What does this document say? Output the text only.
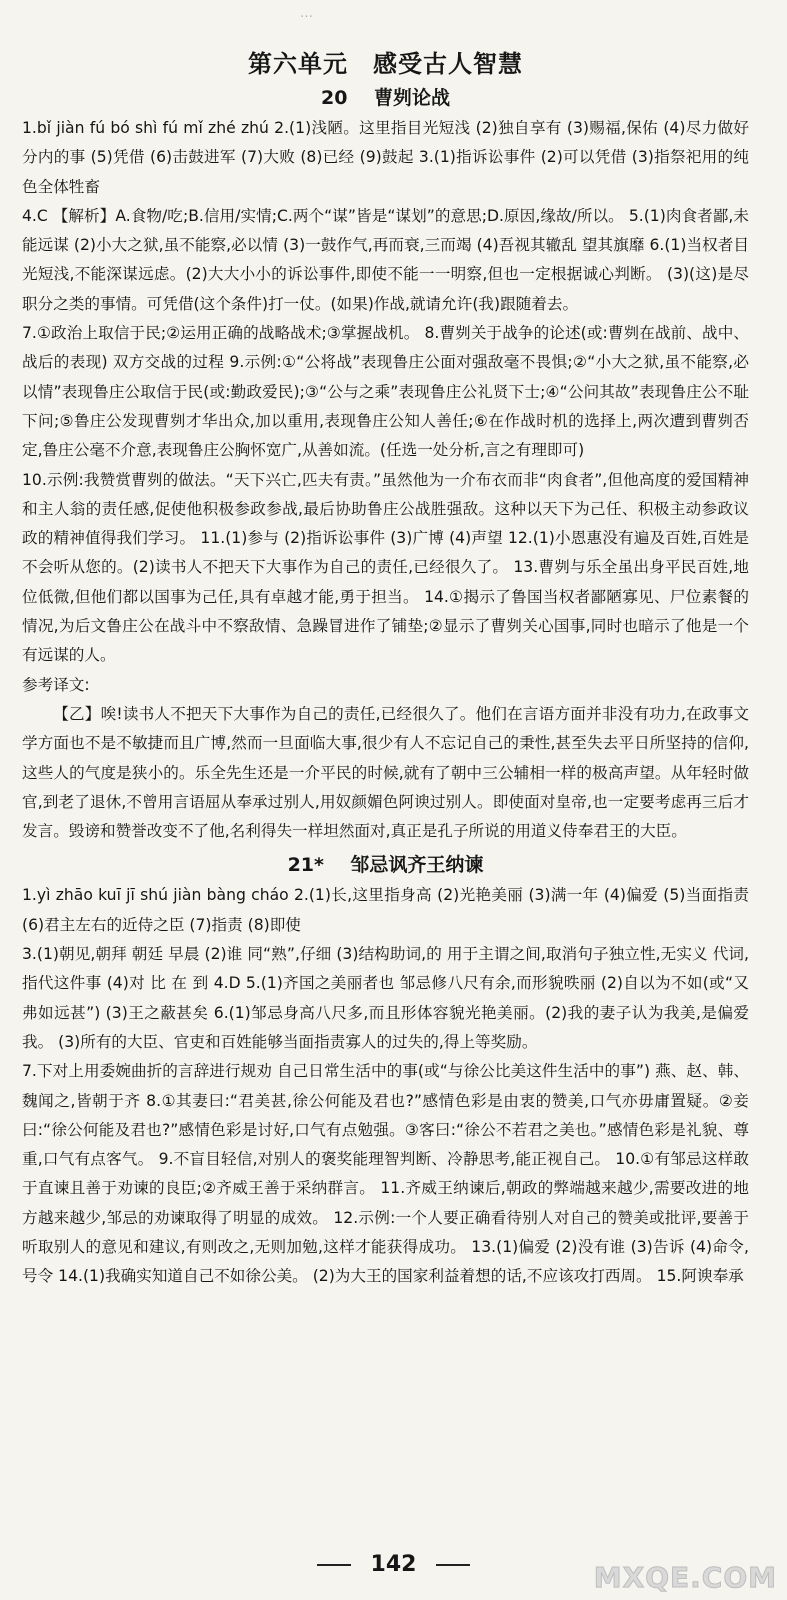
…
第六单元　感受古人智慧
20 曹刿论战

1.bǐ jiàn fú bó shì fú mǐ zhé zhú 2.(1)浅陋。这里指目光短浅 (2)独自享有 (3)赐福,保佑 (4)尽力做好分内的事 (5)凭借 (6)击鼓进军 (7)大败 (8)已经 (9)鼓起 3.(1)指诉讼事件 (2)可以凭借 (3)指祭祀用的纯色全体牲畜

4.C 【解析】A.食物/吃;B.信用/实情;C.两个“谋”皆是“谋划”的意思;D.原因,缘故/所以。 5.(1)肉食者鄙,未能远谋 (2)小大之狱,虽不能察,必以情 (3)一鼓作气,再而衰,三而竭 (4)吾视其辙乱 望其旗靡 6.(1)当权者目光短浅,不能深谋远虑。(2)大大小小的诉讼事件,即使不能一一明察,但也一定根据诚心判断。 (3)(这)是尽职分之类的事情。可凭借(这个条件)打一仗。(如果)作战,就请允许(我)跟随着去。

7.①政治上取信于民;②运用正确的战略战术;③掌握战机。 8.曹刿关于战争的论述(或:曹刿在战前、战中、战后的表现) 双方交战的过程 9.示例:①“公将战”表现鲁庄公面对强敌毫不畏惧;②“小大之狱,虽不能察,必以情”表现鲁庄公取信于民(或:勤政爱民);③“公与之乘”表现鲁庄公礼贤下士;④“公问其故”表现鲁庄公不耻下问;⑤鲁庄公发现曹刿才华出众,加以重用,表现鲁庄公知人善任;⑥在作战时机的选择上,两次遭到曹刿否定,鲁庄公毫不介意,表现鲁庄公胸怀宽广,从善如流。(任选一处分析,言之有理即可)

10.示例:我赞赏曹刿的做法。“天下兴亡,匹夫有责。”虽然他为一介布衣而非“肉食者”,但他高度的爱国精神和主人翁的责任感,促使他积极参政参战,最后协助鲁庄公战胜强敌。这种以天下为己任、积极主动参政议政的精神值得我们学习。 11.(1)参与 (2)指诉讼事件 (3)广博 (4)声望 12.(1)小恩惠没有遍及百姓,百姓是不会听从您的。(2)读书人不把天下大事作为自己的责任,已经很久了。 13.曹刿与乐全虽出身平民百姓,地位低微,但他们都以国事为己任,具有卓越才能,勇于担当。 14.①揭示了鲁国当权者鄙陋寡见、尸位素餐的情况,为后文鲁庄公在战斗中不察敌情、急躁冒进作了铺垫;②显示了曹刿关心国事,同时也暗示了他是一个有远谋的人。

参考译文:

【乙】唉!读书人不把天下大事作为自己的责任,已经很久了。他们在言语方面并非没有功力,在政事文学方面也不是不敏捷而且广博,然而一旦面临大事,很少有人不忘记自己的秉性,甚至失去平日所坚持的信仰,这些人的气度是狭小的。乐全先生还是一介平民的时候,就有了朝中三公辅相一样的极高声望。从年轻时做官,到老了退休,不曾用言语屈从奉承过别人,用奴颜媚色阿谀过别人。即使面对皇帝,也一定要考虑再三后才发言。毁谤和赞誉改变不了他,名利得失一样坦然面对,真正是孔子所说的用道义侍奉君王的大臣。

21* 邹忌讽齐王纳谏

1.yì zhāo kuī jī shú jiàn bàng cháo 2.(1)长,这里指身高 (2)光艳美丽 (3)满一年 (4)偏爱 (5)当面指责 (6)君主左右的近侍之臣 (7)指责 (8)即使

3.(1)朝见,朝拜 朝廷 早晨 (2)谁 同“熟”,仔细 (3)结构助词,的 用于主谓之间,取消句子独立性,无实义 代词,指代这件事 (4)对 比 在 到 4.D 5.(1)齐国之美丽者也 邹忌修八尺有余,而形貌昳丽 (2)自以为不如(或“又弗如远甚”) (3)王之蔽甚矣 6.(1)邹忌身高八尺多,而且形体容貌光艳美丽。(2)我的妻子认为我美,是偏爱我。 (3)所有的大臣、官吏和百姓能够当面指责寡人的过失的,得上等奖励。

7.下对上用委婉曲折的言辞进行规劝 自己日常生活中的事(或“与徐公比美这件生活中的事”) 燕、赵、韩、魏闻之,皆朝于齐 8.①其妻曰:“君美甚,徐公何能及君也?”感情色彩是由衷的赞美,口气亦毋庸置疑。②妾曰:“徐公何能及君也?”感情色彩是讨好,口气有点勉强。③客曰:“徐公不若君之美也。”感情色彩是礼貌、尊重,口气有点客气。 9.不盲目轻信,对别人的褒奖能理智判断、冷静思考,能正视自己。 10.①有邹忌这样敢于直谏且善于劝谏的良臣;②齐威王善于采纳群言。 11.齐威王纳谏后,朝政的弊端越来越少,需要改进的地方越来越少,邹忌的劝谏取得了明显的成效。 12.示例:一个人要正确看待别人对自己的赞美或批评,要善于听取别人的意见和建议,有则改之,无则加勉,这样才能获得成功。 13.(1)偏爱 (2)没有谁 (3)告诉 (4)命令,号令 14.(1)我确实知道自己不如徐公美。 (2)为大王的国家利益着想的话,不应该攻打西周。 15.阿谀奉承

142	MXQE.COM
